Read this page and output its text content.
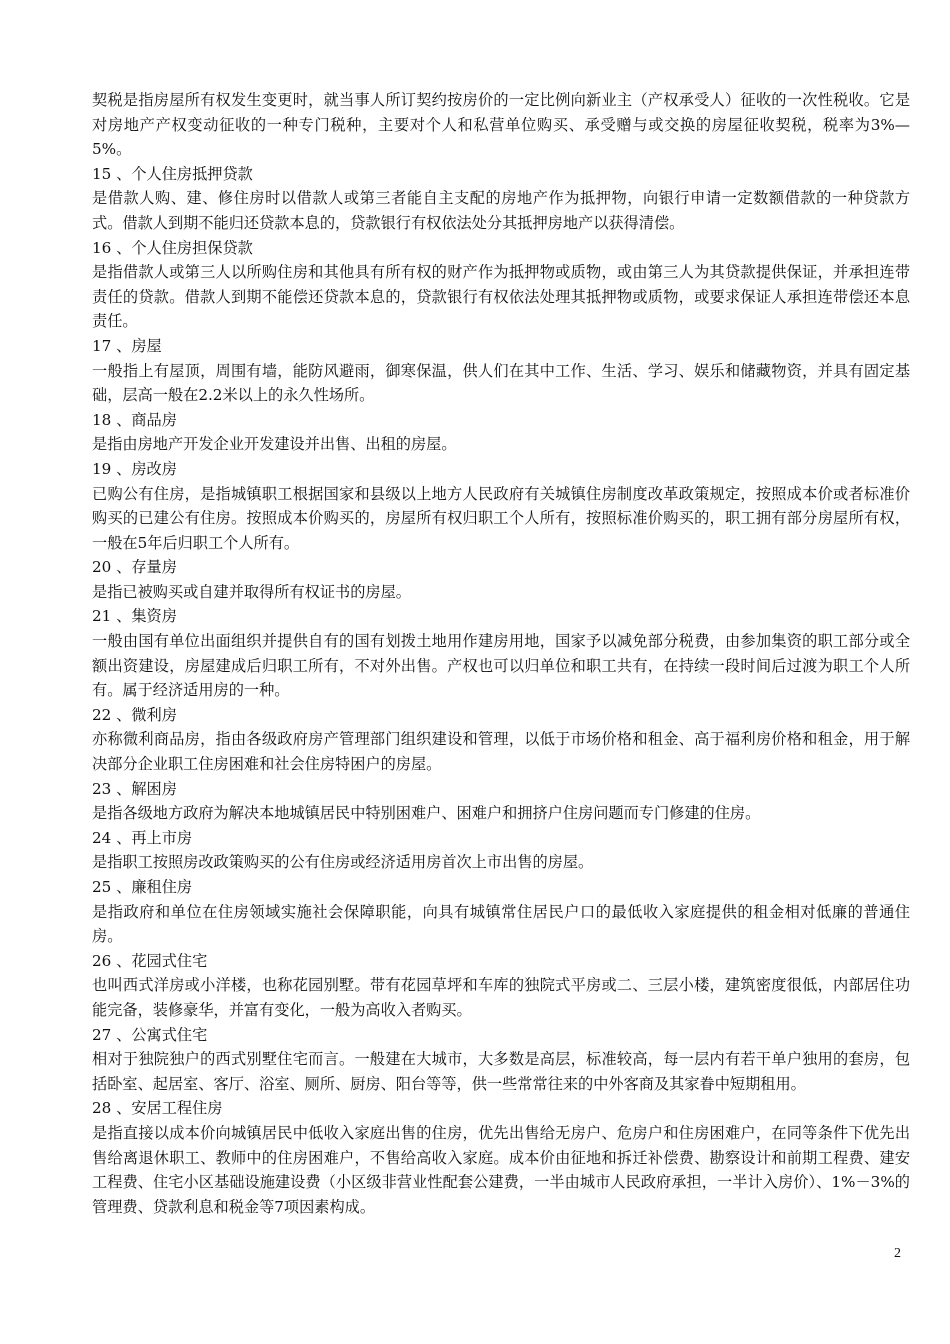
契税是指房屋所有权发生变更时，就当事人所订契约按房价的一定比例向新业主（产权承受人）征收的一次性税收。它是对房地产产权变动征收的一种专门税种，主要对个人和私营单位购买、承受赠与或交换的房屋征收契税，税率为3%—5%。

15 、个人住房抵押贷款

是借款人购、建、修住房时以借款人或第三者能自主支配的房地产作为抵押物，向银行申请一定数额借款的一种贷款方式。借款人到期不能归还贷款本息的，贷款银行有权依法处分其抵押房地产以获得清偿。

16 、个人住房担保贷款

是指借款人或第三人以所购住房和其他具有所有权的财产作为抵押物或质物，或由第三人为其贷款提供保证，并承担连带责任的贷款。借款人到期不能偿还贷款本息的，贷款银行有权依法处理其抵押物或质物，或要求保证人承担连带偿还本息责任。

17 、房屋

一般指上有屋顶，周围有墙，能防风避雨，御寒保温，供人们在其中工作、生活、学习、娱乐和储藏物资，并具有固定基础，层高一般在2.2米以上的永久性场所。

18 、商品房

是指由房地产开发企业开发建设并出售、出租的房屋。

19 、房改房

已购公有住房，是指城镇职工根据国家和县级以上地方人民政府有关城镇住房制度改革政策规定，按照成本价或者标准价购买的已建公有住房。按照成本价购买的，房屋所有权归职工个人所有，按照标准价购买的，职工拥有部分房屋所有权，一般在5年后归职工个人所有。

20 、存量房

是指已被购买或自建并取得所有权证书的房屋。

21 、集资房

一般由国有单位出面组织并提供自有的国有划拨土地用作建房用地，国家予以减免部分税费，由参加集资的职工部分或全额出资建设，房屋建成后归职工所有，不对外出售。产权也可以归单位和职工共有，在持续一段时间后过渡为职工个人所有。属于经济适用房的一种。

22 、微利房

亦称微利商品房，指由各级政府房产管理部门组织建设和管理，以低于市场价格和租金、高于福利房价格和租金，用于解决部分企业职工住房困难和社会住房特困户的房屋。

23 、解困房

是指各级地方政府为解决本地城镇居民中特别困难户、困难户和拥挤户住房问题而专门修建的住房。

24 、再上市房

是指职工按照房改政策购买的公有住房或经济适用房首次上市出售的房屋。

25 、廉租住房

是指政府和单位在住房领域实施社会保障职能，向具有城镇常住居民户口的最低收入家庭提供的租金相对低廉的普通住房。

26 、花园式住宅

也叫西式洋房或小洋楼，也称花园别墅。带有花园草坪和车库的独院式平房或二、三层小楼，建筑密度很低，内部居住功能完备，装修豪华，并富有变化，一般为高收入者购买。

27 、公寓式住宅

相对于独院独户的西式别墅住宅而言。一般建在大城市，大多数是高层，标准较高，每一层内有若干单户独用的套房，包括卧室、起居室、客厅、浴室、厕所、厨房、阳台等等，供一些常常往来的中外客商及其家眷中短期租用。

28 、安居工程住房

是指直接以成本价向城镇居民中低收入家庭出售的住房，优先出售给无房户、危房户和住房困难户，在同等条件下优先出售给离退休职工、教师中的住房困难户，不售给高收入家庭。成本价由征地和拆迁补偿费、勘察设计和前期工程费、建安工程费、住宅小区基础设施建设费（小区级非营业性配套公建费，一半由城市人民政府承担，一半计入房价）、1%－3%的管理费、贷款利息和税金等7项因素构成。

2
